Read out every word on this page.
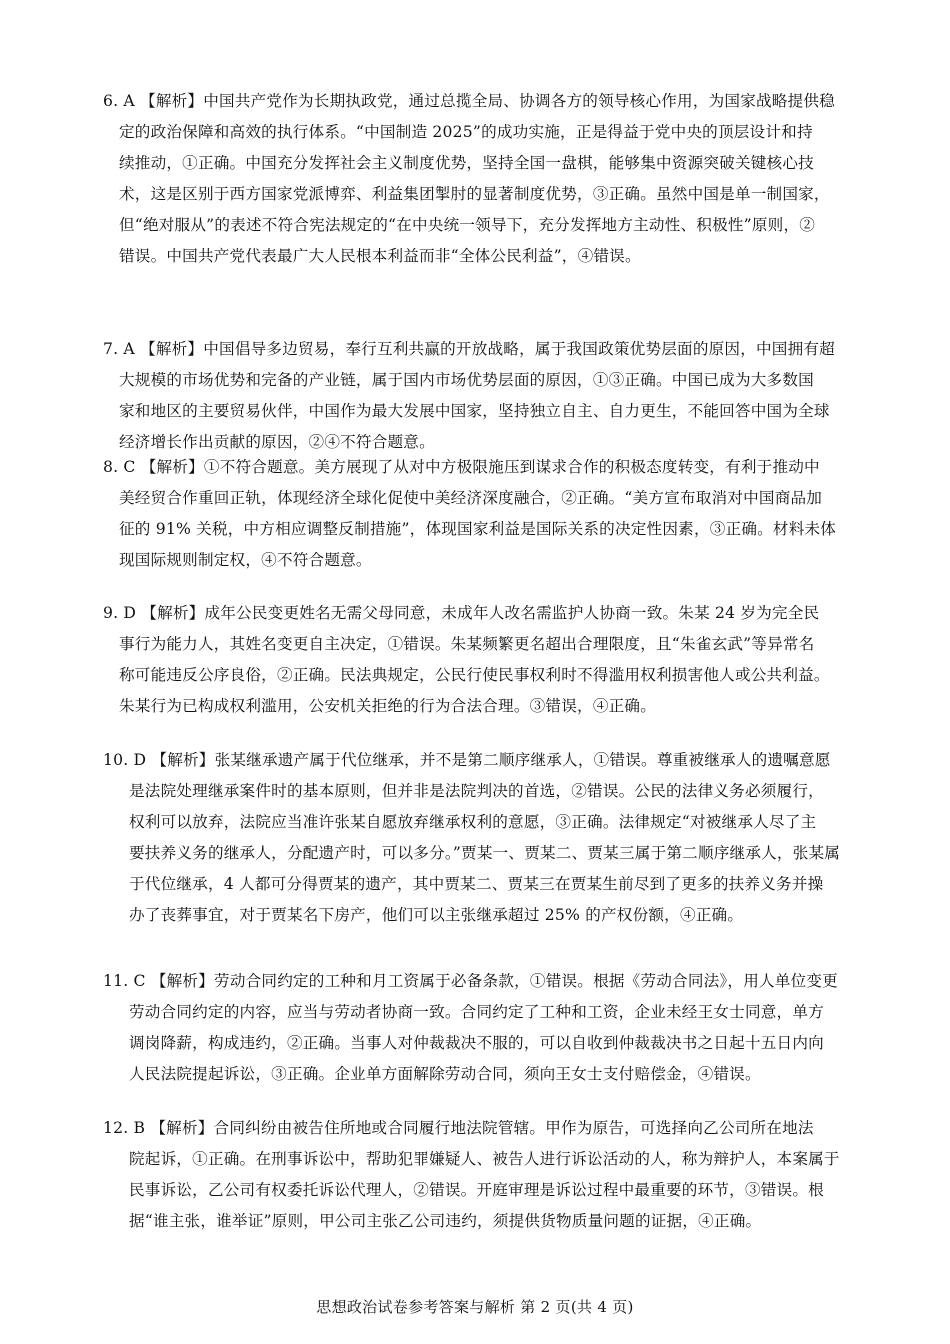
6. A 【解析】中国共产党作为长期执政党，通过总揽全局、协调各方的领导核心作用，为国家战略提供稳
定的政治保障和高效的执行体系。“中国制造 2025”的成功实施，正是得益于党中央的顶层设计和持
续推动，①正确。中国充分发挥社会主义制度优势，坚持全国一盘棋，能够集中资源突破关键核心技
术，这是区别于西方国家党派博弈、利益集团掣肘的显著制度优势，③正确。虽然中国是单一制国家，
但“绝对服从”的表述不符合宪法规定的“在中央统一领导下，充分发挥地方主动性、积极性”原则，②
错误。中国共产党代表最广大人民根本利益而非“全体公民利益”，④错误。
7. A 【解析】中国倡导多边贸易，奉行互利共赢的开放战略，属于我国政策优势层面的原因，中国拥有超
大规模的市场优势和完备的产业链，属于国内市场优势层面的原因，①③正确。中国已成为大多数国
家和地区的主要贸易伙伴，中国作为最大发展中国家，坚持独立自主、自力更生，不能回答中国为全球
经济增长作出贡献的原因，②④不符合题意。
8. C 【解析】①不符合题意。美方展现了从对中方极限施压到谋求合作的积极态度转变，有利于推动中
美经贸合作重回正轨，体现经济全球化促使中美经济深度融合，②正确。“美方宣布取消对中国商品加
征的 91% 关税，中方相应调整反制措施”，体现国家利益是国际关系的决定性因素，③正确。材料未体
现国际规则制定权，④不符合题意。
9. D 【解析】成年公民变更姓名无需父母同意，未成年人改名需监护人协商一致。朱某 24 岁为完全民
事行为能力人，其姓名变更自主决定，①错误。朱某频繁更名超出合理限度，且“朱雀玄武”等异常名
称可能违反公序良俗，②正确。民法典规定，公民行使民事权利时不得滥用权利损害他人或公共利益。
朱某行为已构成权利滥用，公安机关拒绝的行为合法合理。③错误，④正确。
10. D 【解析】张某继承遗产属于代位继承，并不是第二顺序继承人，①错误。尊重被继承人的遗嘱意愿
是法院处理继承案件时的基本原则，但并非是法院判决的首选，②错误。公民的法律义务必须履行，
权利可以放弃，法院应当准许张某自愿放弃继承权利的意愿，③正确。法律规定“对被继承人尽了主
要扶养义务的继承人，分配遗产时，可以多分。”贾某一、贾某二、贾某三属于第二顺序继承人，张某属
于代位继承，4 人都可分得贾某的遗产，其中贾某二、贾某三在贾某生前尽到了更多的扶养义务并操
办了丧葬事宜，对于贾某名下房产，他们可以主张继承超过 25% 的产权份额，④正确。
11. C 【解析】劳动合同约定的工种和月工资属于必备条款，①错误。根据《劳动合同法》，用人单位变更
劳动合同约定的内容，应当与劳动者协商一致。合同约定了工种和工资，企业未经王女士同意，单方
调岗降薪，构成违约，②正确。当事人对仲裁裁决不服的，可以自收到仲裁裁决书之日起十五日内向
人民法院提起诉讼，③正确。企业单方面解除劳动合同，须向王女士支付赔偿金，④错误。
12. B 【解析】合同纠纷由被告住所地或合同履行地法院管辖。甲作为原告，可选择向乙公司所在地法
院起诉，①正确。在刑事诉讼中，帮助犯罪嫌疑人、被告人进行诉讼活动的人，称为辩护人，本案属于
民事诉讼，乙公司有权委托诉讼代理人，②错误。开庭审理是诉讼过程中最重要的环节，③错误。根
据“谁主张，谁举证”原则，甲公司主张乙公司违约，须提供货物质量问题的证据，④正确。
思想政治试卷参考答案与解析 第 2 页(共 4 页)
